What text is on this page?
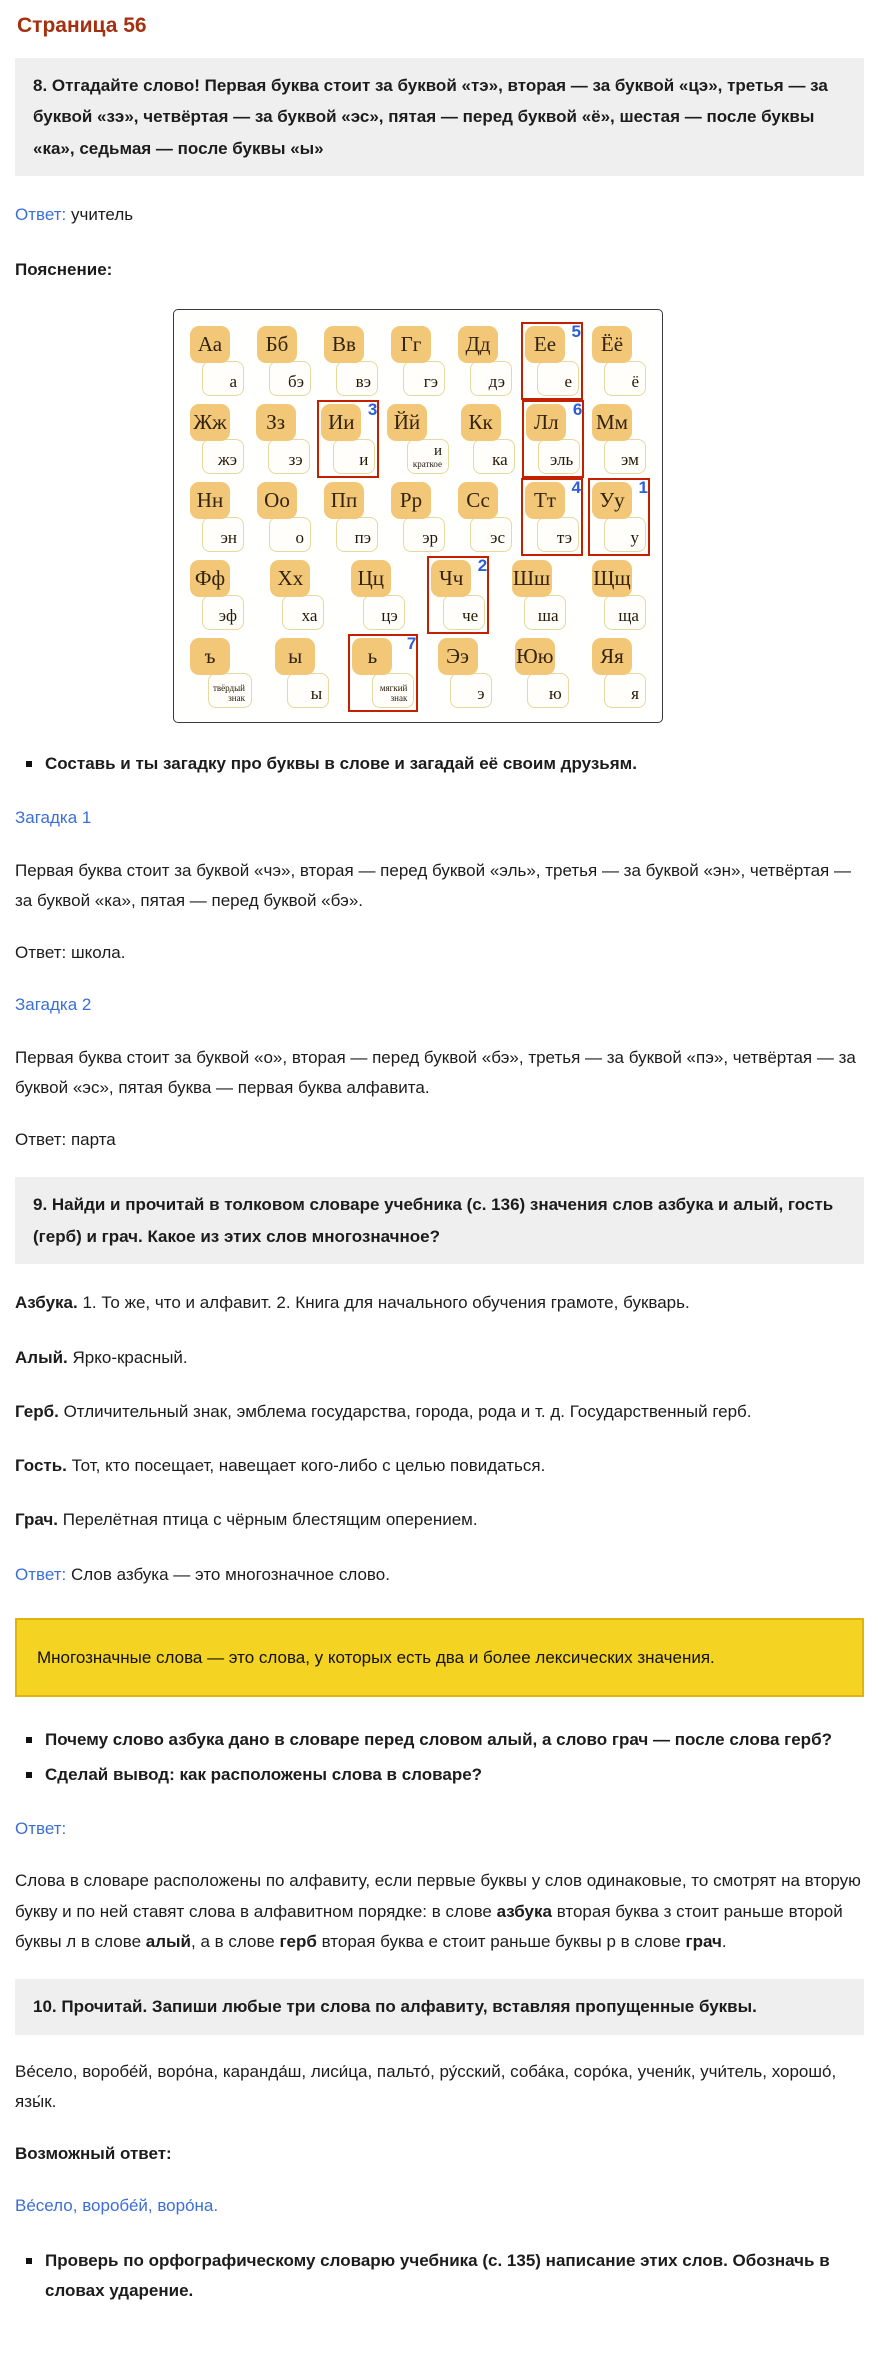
Страница 56
8. Отгадайте слово! Первая буква стоит за буквой «тэ», вторая — за буквой «цэ», третья — за буквой «зэ», четвёртая — за буквой «эс», пятая — перед буквой «ё», шестая — после буквы «ка», седьмая — после буквы «ы»

Ответ: учитель

Пояснение:

Аа
а
Бб
бэ
Вв
вэ
Гг
гэ
Дд
дэ
Ее
е
5
Ёё
ё
Жж
жэ
Зз
зэ
Ии
и
3
Йй
и
краткое
Кк
ка
Лл
эль
6
Мм
эм
Нн
эн
Оо
о
Пп
пэ
Рр
эр
Сс
эс
Тт
тэ
4
Уу
у
1
Фф
эф
Хх
ха
Цц
цэ
Чч
че
2
Шш
ша
Щщ
ща
ъ
твёрдый
знак
ы
ы
ь
мягкий
знак
7
Ээ
э
Юю
ю
Яя
я
Составь и ты загадку про буквы в слове и загадай её своим друзьям.

Загадка 1

Первая буква стоит за буквой «чэ», вторая — перед буквой «эль», третья — за буквой «эн», четвёртая — за буквой «ка», пятая — перед буквой «бэ».

Ответ: школа.

Загадка 2

Первая буква стоит за буквой «о», вторая — перед буквой «бэ», третья — за буквой «пэ», четвёртая — за буквой «эс», пятая буква — первая буква алфавита.

Ответ: парта

9. Найди и прочитай в толковом словаре учебника (с. 136) значения слов азбука и алый, гость (герб) и грач. Какое из этих слов многозначное?

Азбука. 1. То же, что и алфавит. 2. Книга для начального обучения грамоте, букварь.

Алый. Ярко-красный.

Герб. Отличительный знак, эмблема государства, города, рода и т. д. Государственный герб.

Гость. Тот, кто посещает, навещает кого-либо с целью повидаться.

Грач. Перелётная птица с чёрным блестящим оперением.

Ответ: Слов азбука — это многозначное слово.

Многозначные слова — это слова, у которых есть два и более лексических значения.
Почему слово азбука дано в словаре перед словом алый, а слово грач — после слова герб?
Сделай вывод: как расположены слова в словаре?

Ответ:

Слова в словаре расположены по алфавиту, если первые буквы у слов одинаковые, то смотрят на вторую букву и по ней ставят слова в алфавитном порядке: в слове азбука вторая буква з стоит раньше второй буквы л в слове алый, а в слове герб вторая буква е стоит раньше буквы р в слове грач.

10. Прочитай. Запиши любые три слова по алфавиту, вставляя пропущенные буквы.

Ве́село, воробе́й, воро́на, каранда́ш, лиси́ца, пальто́, ру́сский, соба́ка, соро́ка, учени́к, учи́тель, хорошо́, язы́к.

Возможный ответ:

Ве́село, воробе́й, воро́на.

Проверь по орфографическому словарю учебника (с. 135) написание этих слов. Обозначь в словах ударение.
